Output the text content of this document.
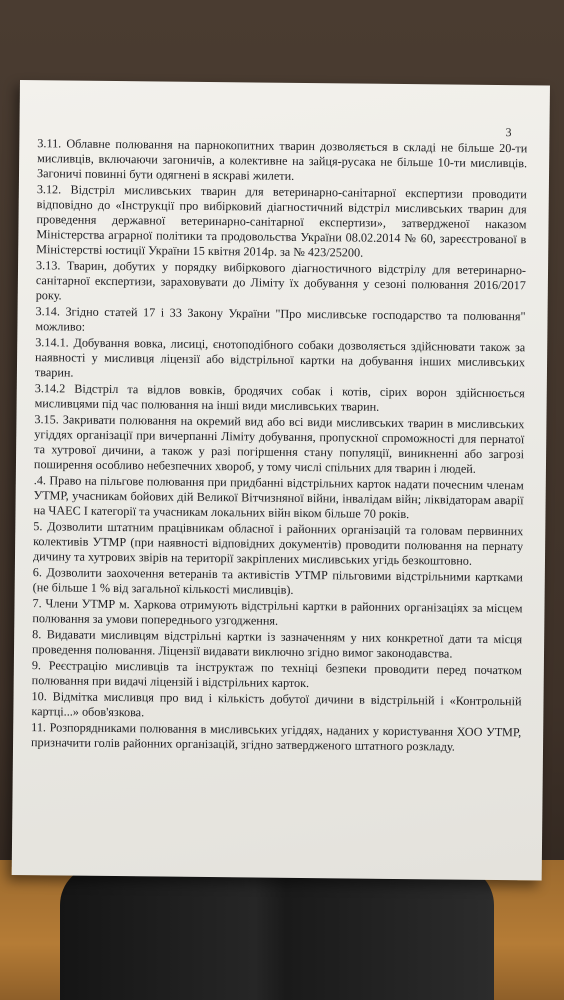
3

3.11. Облавне полювання на парнокопитних тварин дозволяється в складі не більше 20-ти мисливців, включаючи загоничів, а колективне на зайця-русака не більше 10-ти мисливців. Загоничі повинні бути одягнені в яскраві жилети.

3.12. Відстріл мисливських тварин для ветеринарно-санітарної експертизи проводити відповідно до «Інструкції про вибірковий діагностичний відстріл мисливських тварин для проведення державної ветеринарно-санітарної експертизи», затвердженої наказом Міністерства аграрної політики та продовольства України 08.02.2014 № 60, зареєстрованої в Міністерстві юстиції України 15 квітня 2014р. за № 423/25200.

3.13. Тварин, добутих у порядку вибіркового діагностичного відстрілу для ветеринарно-санітарної експертизи, зараховувати до Ліміту їх добування у сезоні полювання 2016/2017 року.

3.14. Згідно статей 17 і 33 Закону України "Про мисливське господарство та полювання" можливо:

3.14.1. Добування вовка, лисиці, єнотоподібного собаки дозволяється здійснювати також за наявності у мисливця ліцензії або відстрільної картки на добування інших мисливських тварин.

3.14.2 Відстріл та відлов вовків, бродячих собак і котів, сірих ворон здійснюється мисливцями під час полювання на інші види мисливських тварин.

3.15. Закривати полювання на окремий вид або всі види мисливських тварин в мисливських угіддях організації при вичерпанні Ліміту добування, пропускної спроможності для пернатої та хутрової дичини, а також у разі погіршення стану популяції, виникненні або загрозі поширення особливо небезпечних хвороб, у тому числі спільних для тварин і людей.

.4. Право на пільгове полювання при придбанні відстрільних карток надати почесним членам УТМР, учасникам бойових дій Великої Вітчизняної війни, інвалідам війн; ліквідаторам аварії на ЧАЕС I категорії та учасникам локальних війн віком більше 70 років.

5. Дозволити штатним працівникам обласної і районних організацій та головам первинних колективів УТМР (при наявності відповідних документів) проводити полювання на пернату дичину та хутрових звірів на території закріплених мисливських угідь безкоштовно.

6. Дозволити заохочення ветеранів та активістів УТМР пільговими відстрільними картками (не більше 1 % від загальної кількості мисливців).

7. Члени УТМР м. Харкова отримують відстрільні картки в районних організаціях за місцем полювання за умови попереднього узгодження.

8. Видавати мисливцям відстрільні картки із зазначенням у них конкретної дати та місця проведення полювання. Ліцензії видавати виключно згідно вимог законодавства.

9. Реєстрацію мисливців та інструктаж по техніці безпеки проводити перед початком полювання при видачі ліцензій і відстрільних карток.

10. Відмітка мисливця про вид і кількість добутої дичини в відстрільній і «Контрольній картці...» обов'язкова.

11. Розпорядниками полювання в мисливських угіддях, наданих у користування ХОО УТМР, призначити голів районних організацій, згідно затвердженого штатного розкладу.
